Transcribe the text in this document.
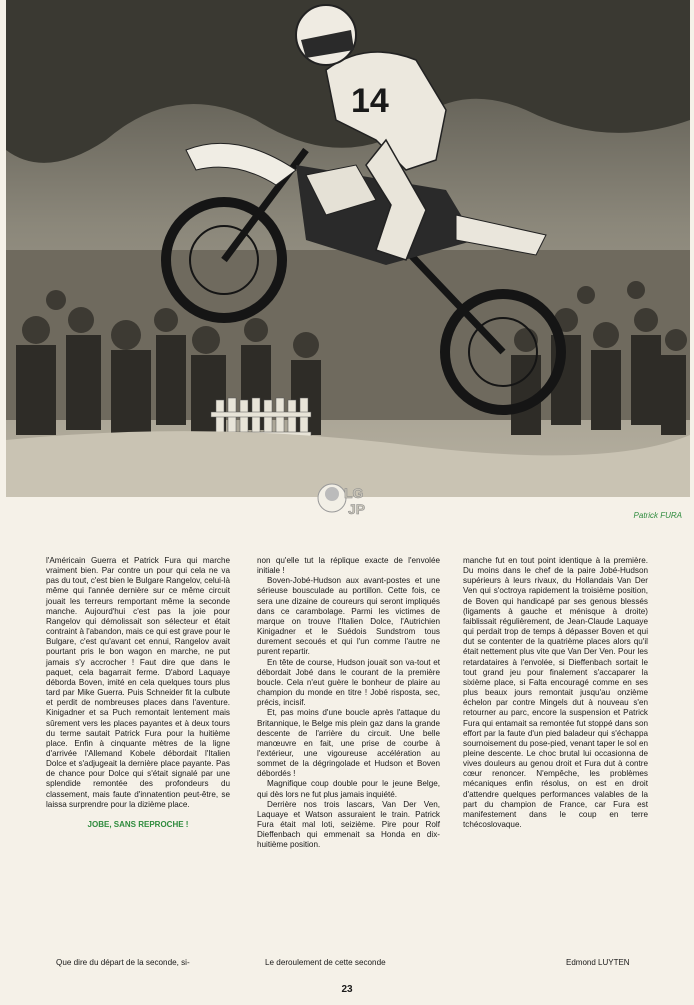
14
LG
JP	Patrick FURA

l'Américain Guerra et Patrick Fura qui marche vraiment bien. Par contre un pour qui cela ne va pas du tout, c'est bien le Bulgare Rangelov, celui-là même qui l'année dernière sur ce même circuit jouait les terreurs remportant même la seconde manche. Aujourd'hui c'est pas la joie pour Rangelov qui démolissait son sélecteur et était contraint à l'abandon, mais ce qui est grave pour le Bulgare, c'est qu'avant cet ennui, Rangelov avait pourtant pris le bon wagon en marche, ne put jamais s'y accrocher ! Faut dire que dans le paquet, cela bagarrait ferme. D'abord Laquaye déborda Boven, imité en cela quelques tours plus tard par Mike Guerra. Puis Schneider fit la culbute et perdit de nombreuses places dans l'aventure. Kinigadner et sa Puch remontait lentement mais sûrement vers les places payantes et à deux tours du terme sautait Patrick Fura pour la huitième place. Enfin à cinquante mètres de la ligne d'arrivée l'Allemand Kobele débordait l'Italien Dolce et s'adjugeait la dernière place payante. Pas de chance pour Dolce qui s'était signalé par une splendide remontée des profondeurs du classement, mais faute d'innatention peut-être, se laissa surprendre pour la dizième place.

JOBE, SANS REPROCHE !
Que dire du départ de la seconde, si-

non qu'elle tut la réplique exacte de l'envolée initiale !

Boven-Jobé-Hudson aux avant-postes et une sérieuse bousculade au portillon. Cette fois, ce sera une dizaine de coureurs qui seront impliqués dans ce carambolage. Parmi les victimes de marque on trouve l'Italien Dolce, l'Autrichien Kinigadner et le Suédois Sundstrom tous durement secoués et qui l'un comme l'autre ne purent repartir.

En tête de course, Hudson jouait son va-tout et débordait Jobé dans le courant de la première boucle. Cela n'eut guère le bonheur de plaire au champion du monde en titre ! Jobé risposta, sec, précis, incisif.

Et, pas moins d'une boucle après l'attaque du Britannique, le Belge mis plein gaz dans la grande descente de l'arrière du circuit. Une belle manœuvre en fait, une prise de courbe à l'extérieur, une vigoureuse accélération au sommet de la dégringolade et Hudson et Boven débordés !

Magnifique coup double pour le jeune Belge, qui dès lors ne fut plus jamais inquiété.

Derrière nos trois lascars, Van Der Ven, Laquaye et Watson assuraient le train. Patrick Fura était mal loti, seizième. Pire pour Rolf Dieffenbach qui emmenait sa Honda en dix-huitième position.

Le deroulement de cette seconde

manche fut en tout point identique à la première. Du moins dans le chef de la paire Jobé-Hudson supérieurs à leurs rivaux, du Hollandais Van Der Ven qui s'octroya rapidement la troisième position, de Boven qui handicapé par ses genous blessés (ligaments à gauche et ménisque à droite) faiblissait régulièrement, de Jean-Claude Laquaye qui perdait trop de temps à dépasser Boven et qui dut se contenter de la quatrième places alors qu'il était nettement plus vite que Van Der Ven. Pour les retardataires à l'envolée, si Dieffenbach sortait le tout grand jeu pour finalement s'accaparer la sixième place, si Falta encouragé comme en ses plus beaux jours remontait jusqu'au onzième échelon par contre Mingels dut à nouveau s'en retourner au parc, encore la suspension et Patrick Fura qui entamait sa remontée fut stoppé dans son effort par la faute d'un pied baladeur qui s'échappa sournoisement du pose-pied, venant taper le sol en pleine descente. Le choc brutal lui occasionna de vives douleurs au genou droit et Fura dut à contre cœur renoncer. N'empêche, les problèmes mécaniques enfin résolus, on est en droit d'attendre quelques performances valables de la part du champion de France, car Fura est manifestement dans le coup en terre tchécoslovaque.

Edmond LUYTEN
23
